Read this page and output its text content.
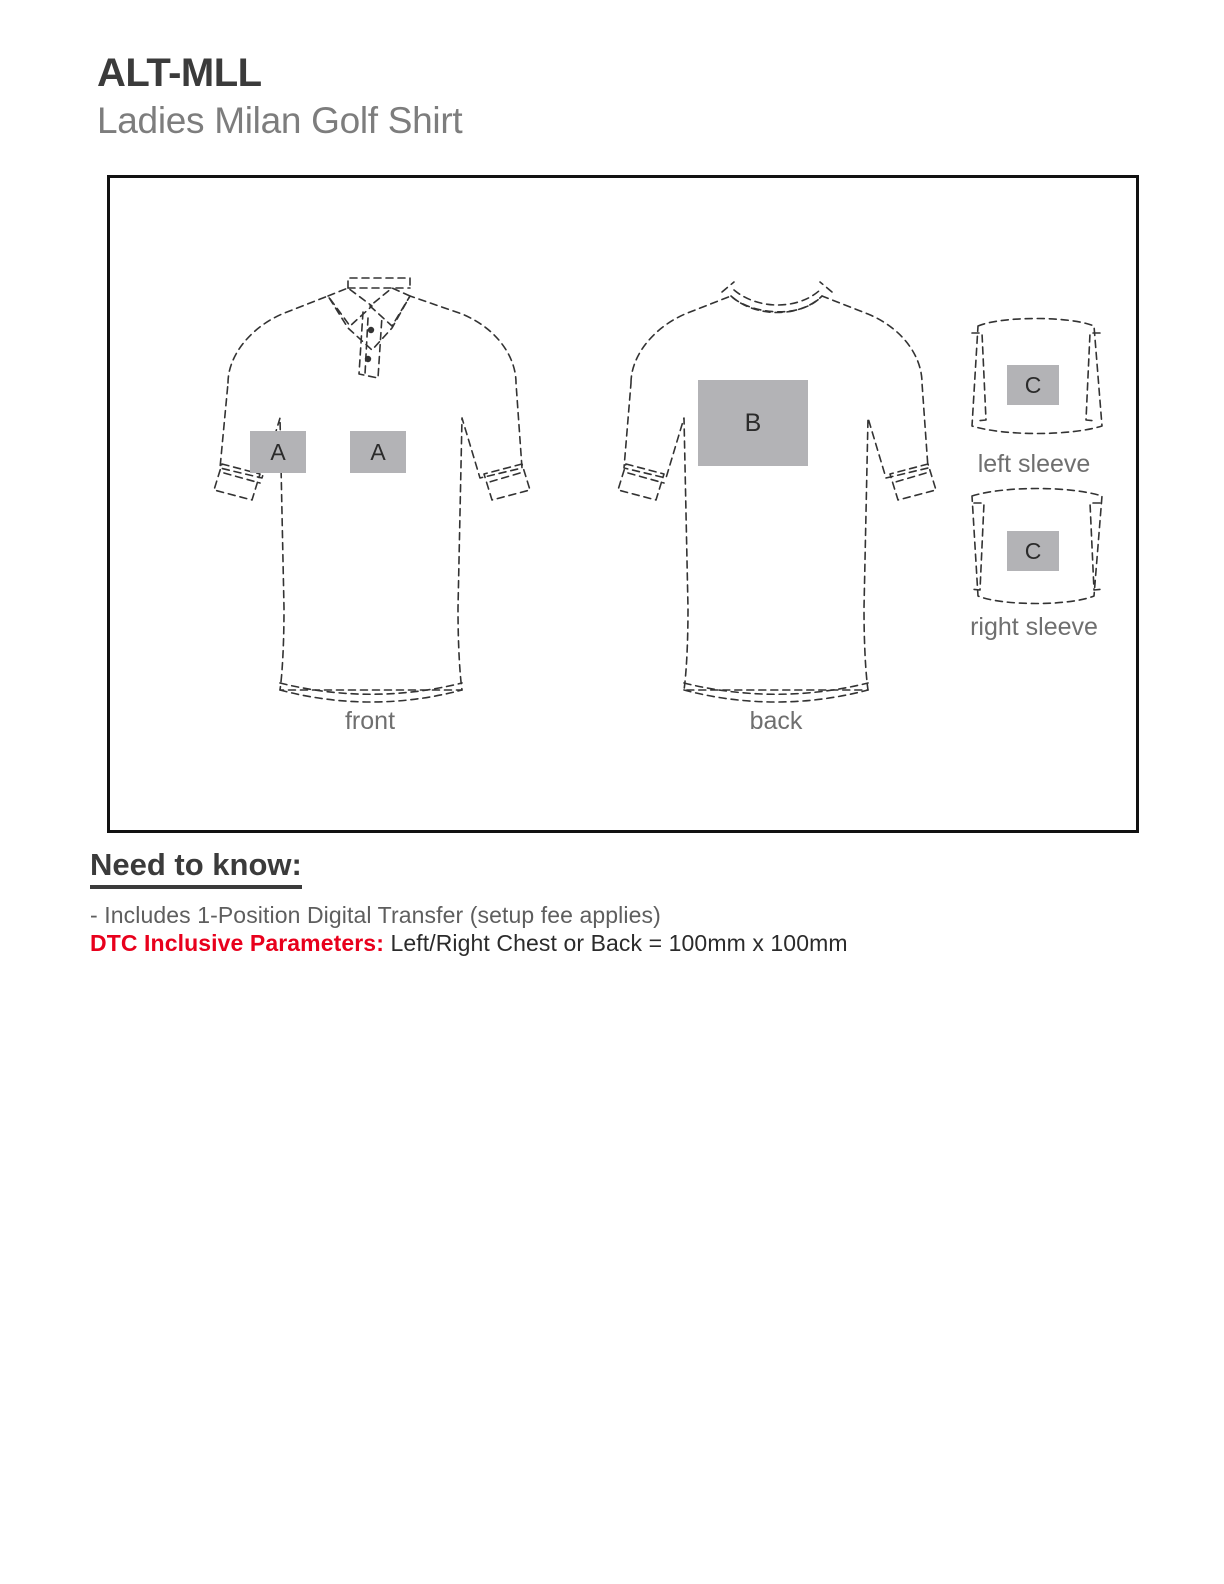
ALT-MLL
Ladies Milan Golf Shirt
A	A
B
C
C
front	back
left sleeve
right sleeve
Need to know:
- Includes 1-Position Digital Transfer (setup fee applies)
DTC Inclusive Parameters: Left/Right Chest or Back = 100mm x 100mm
